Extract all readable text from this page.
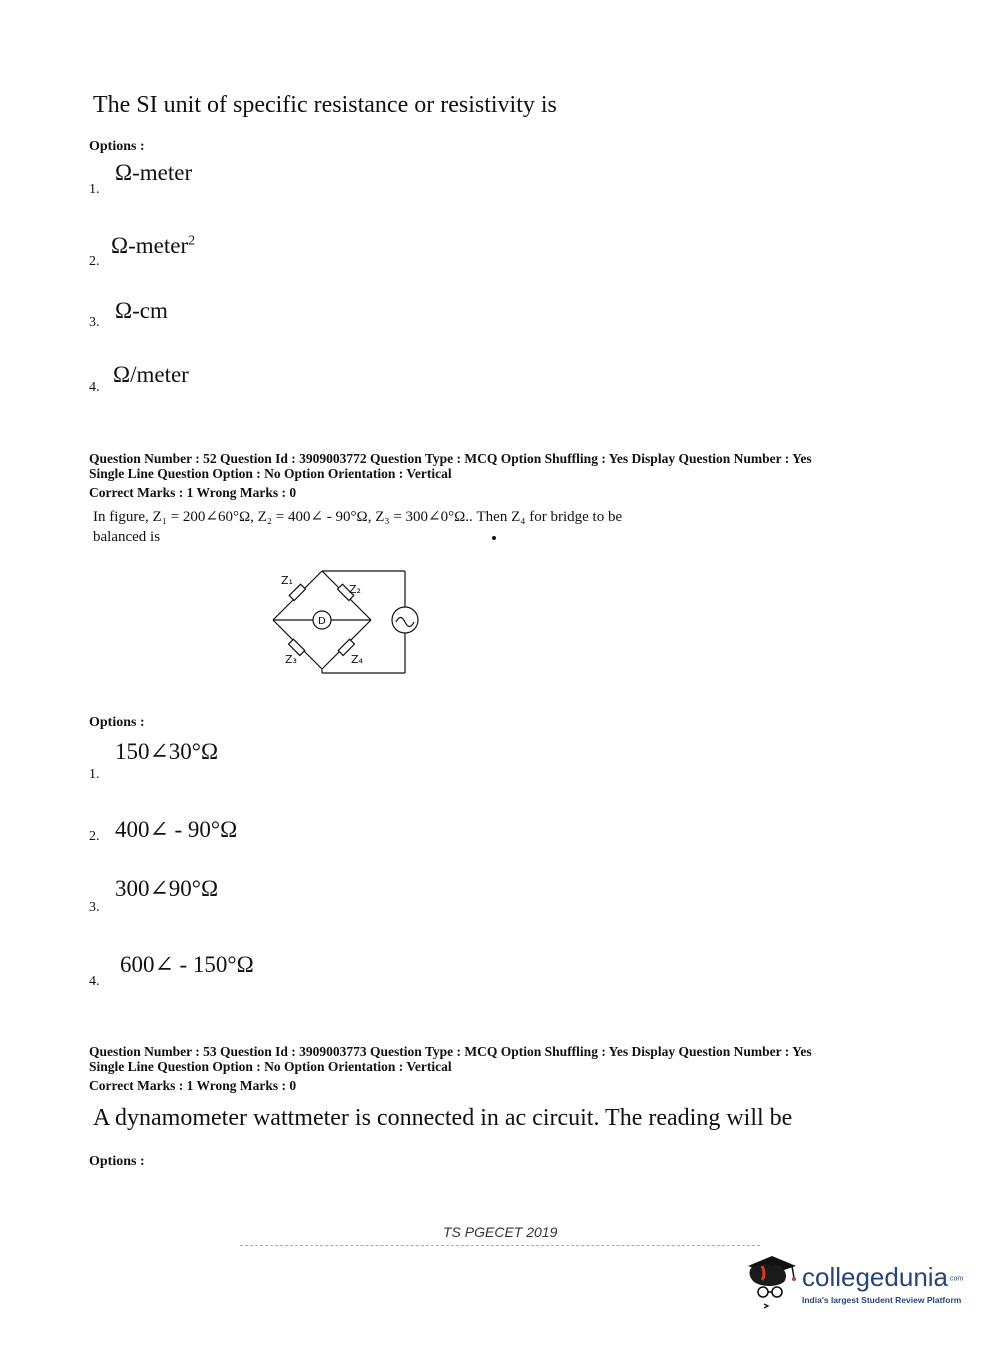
The SI unit of specific resistance or resistivity is
Options :
Ω-meter
1.
Ω-meter$^2$
2.
Ω-cm
3.
Ω/meter
4.
Question Number : 52 Question Id : 3909003772 Question Type : MCQ Option Shuffling : Yes Display Question Number : Yes
Single Line Question Option : No Option Orientation : Vertical
Correct Marks : 1 Wrong Marks : 0
In figure, Z₁ = 200∠60°Ω, Z₂ = 400∠ - 90°Ω, Z₃ = 300∠0°Ω.. Then Z₄ for bridge to be
balanced is
Z₁
Z₂
Z₃	Z₄
D
Options :
150∠30°Ω
1.
2. 400∠ - 90°Ω
300∠90°Ω
3.
600∠ - 150°Ω
4.
Question Number : 53 Question Id : 3909003773 Question Type : MCQ Option Shuffling : Yes Display Question Number : Yes
Single Line Question Option : No Option Orientation : Vertical
Correct Marks : 1 Wrong Marks : 0
A dynamometer wattmeter is connected in ac circuit. The reading will be
Options :
TS PGECET 2019
collegedunia.com
India's largest Student Review Platform
